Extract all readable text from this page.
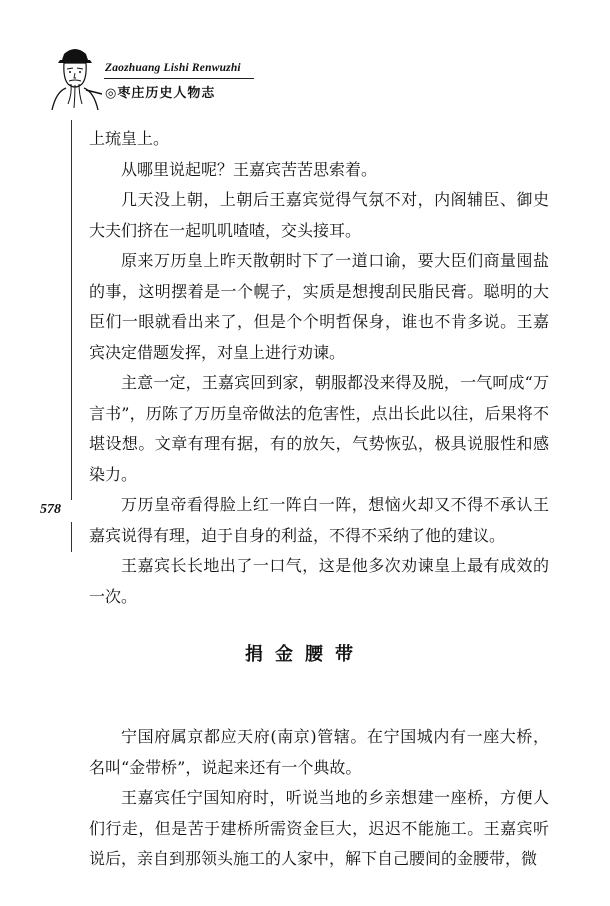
Zaozhuang Lishi Renwuzhi
◎枣庄历史人物志
578

上琉皇上。

从哪里说起呢？王嘉宾苦苦思索着。

几天没上朝，上朝后王嘉宾觉得气氛不对，内阁辅臣、御史大夫们挤在一起叽叽喳喳，交头接耳。

原来万历皇上昨天散朝时下了一道口谕，要大臣们商量囤盐的事，这明摆着是一个幌子，实质是想搜刮民脂民膏。聪明的大臣们一眼就看出来了，但是个个明哲保身，谁也不肯多说。王嘉宾决定借题发挥，对皇上进行劝谏。

主意一定，王嘉宾回到家，朝服都没来得及脱，一气呵成“万言书”，历陈了万历皇帝做法的危害性，点出长此以往，后果将不堪设想。文章有理有据，有的放矢，气势恢弘，极具说服性和感染力。

万历皇帝看得脸上红一阵白一阵，想恼火却又不得不承认王嘉宾说得有理，迫于自身的利益，不得不采纳了他的建议。

王嘉宾长长地出了一口气，这是他多次劝谏皇上最有成效的一次。

捐金腰带

宁国府属京都应天府(南京)管辖。在宁国城内有一座大桥，名叫“金带桥”，说起来还有一个典故。

王嘉宾任宁国知府时，听说当地的乡亲想建一座桥，方便人们行走，但是苦于建桥所需资金巨大，迟迟不能施工。王嘉宾听说后，亲自到那领头施工的人家中，解下自己腰间的金腰带，微
